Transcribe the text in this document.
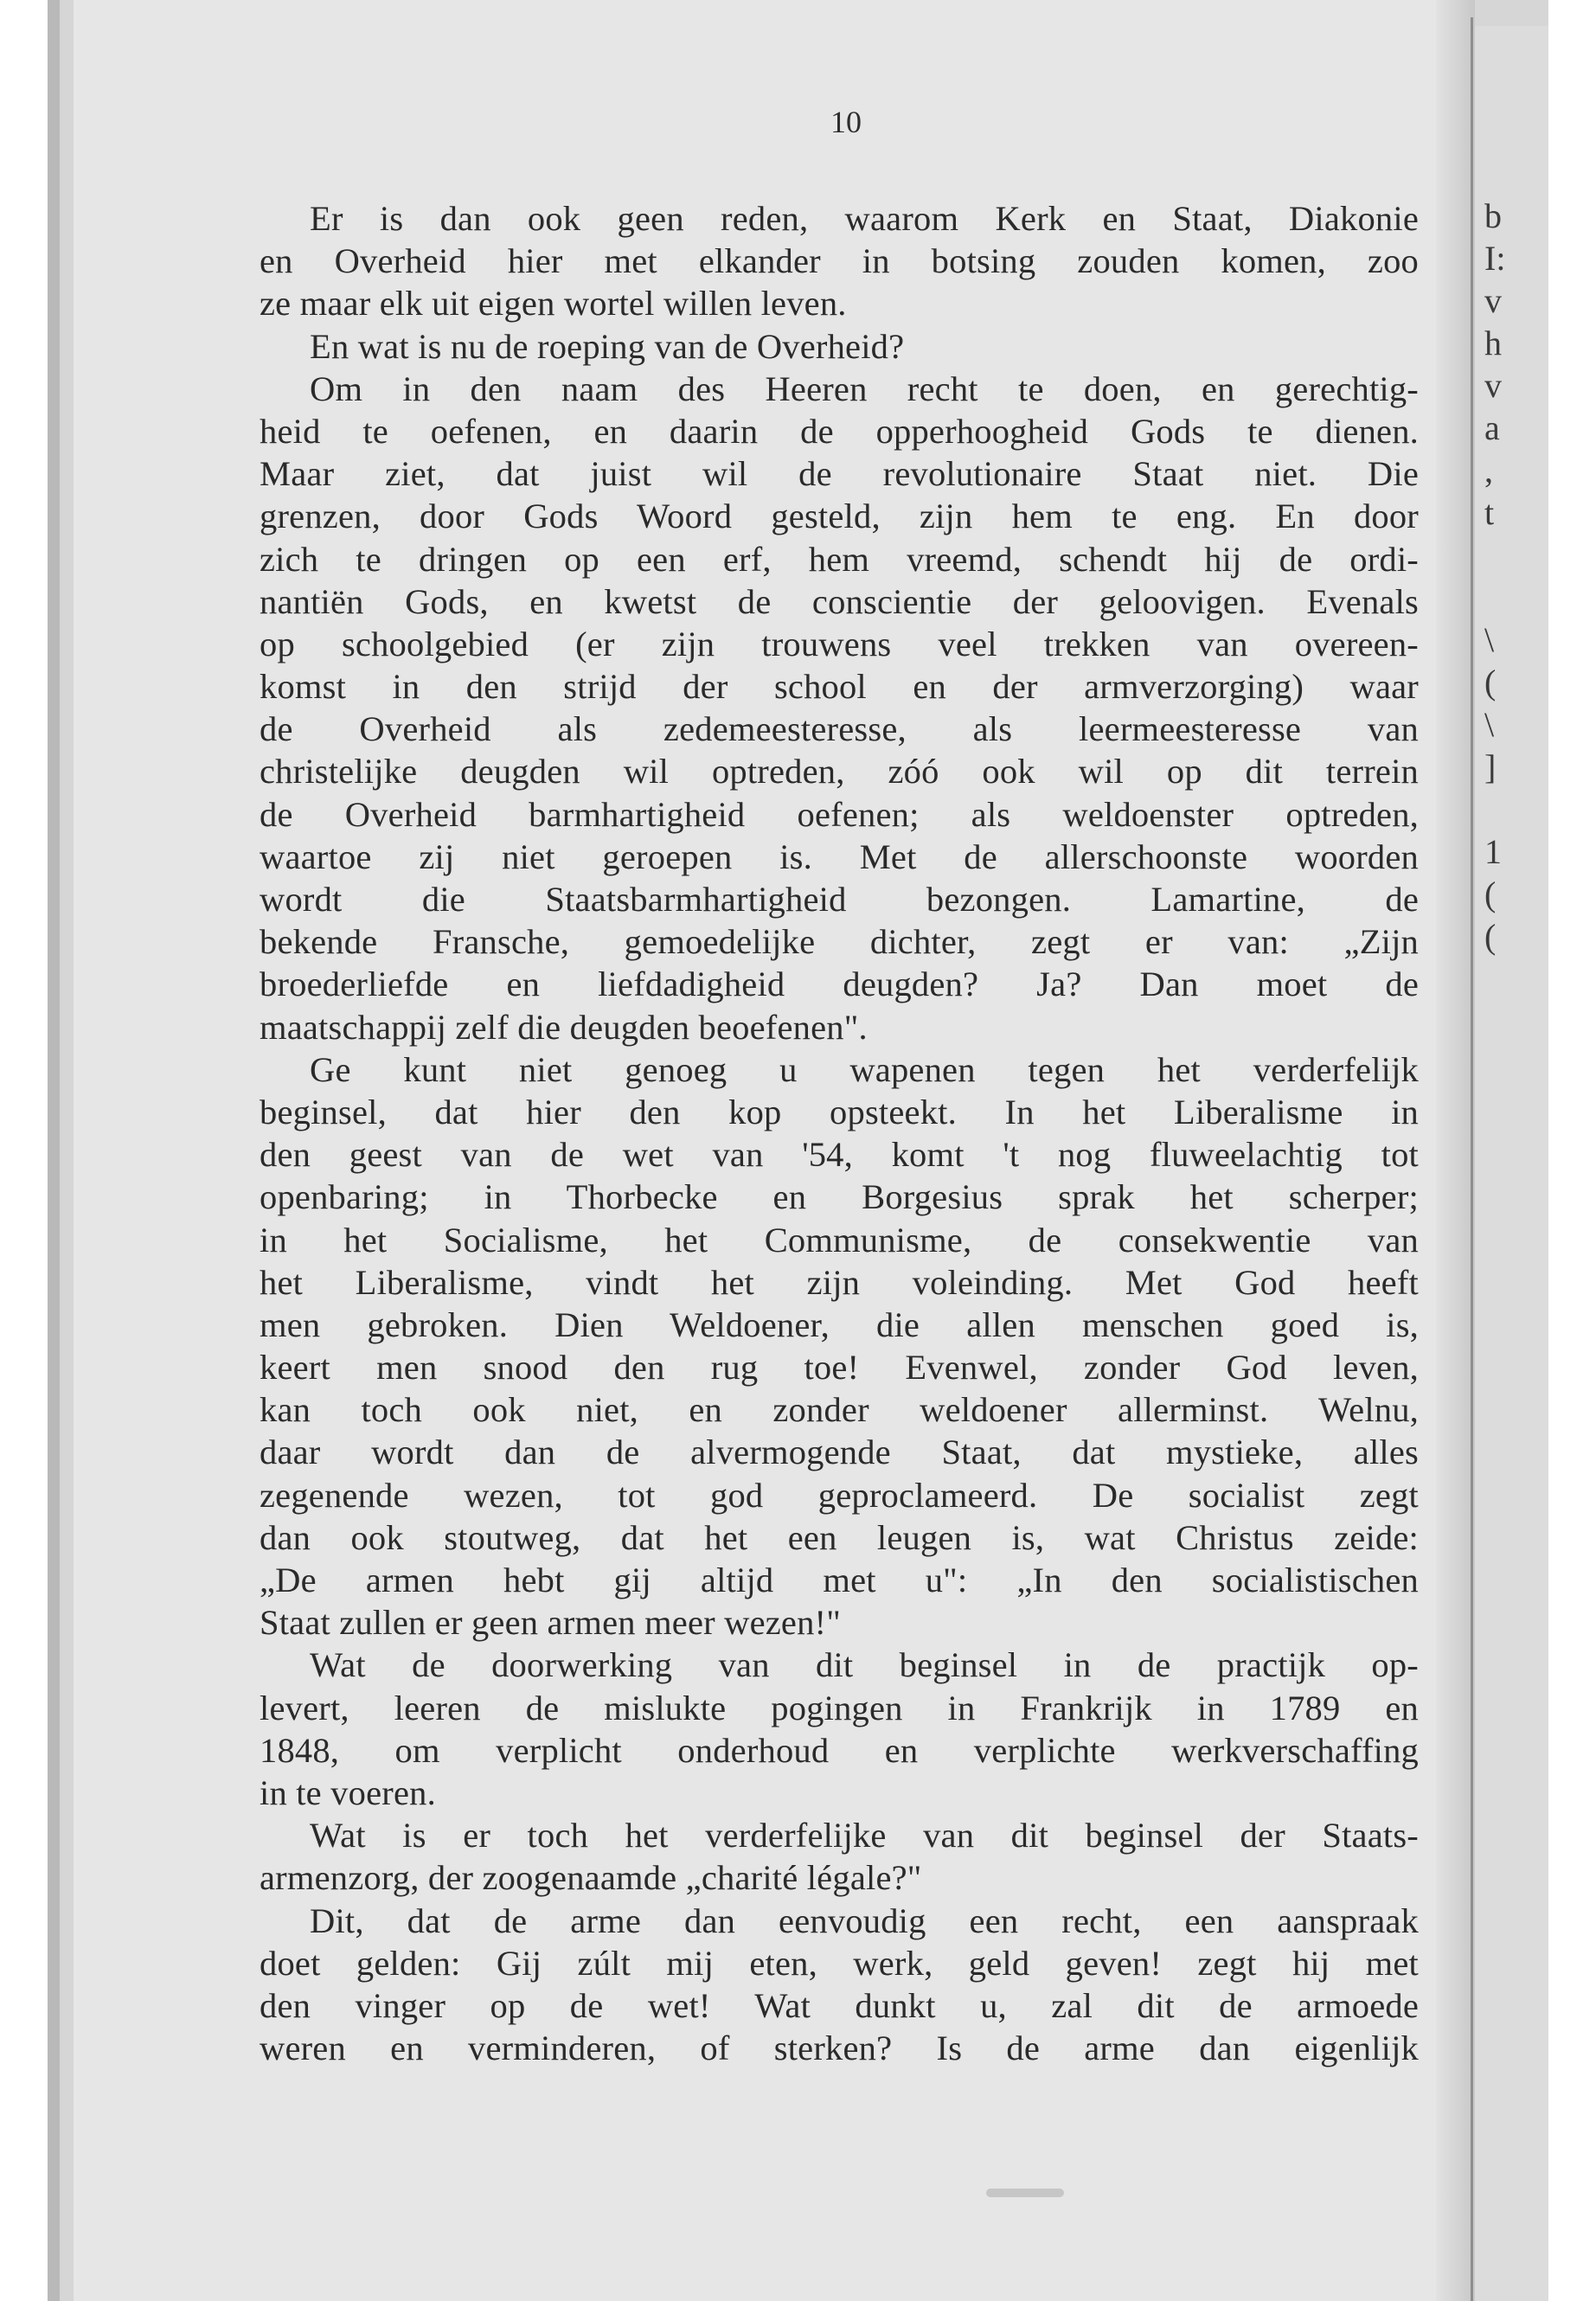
b
I:
v
h
v
a
,
t
\
(
\
]
1
(
(
10
Er is dan ook geen reden, waarom Kerk en Staat, Diakonie
en Overheid hier met elkander in botsing zouden komen, zoo
ze maar elk uit eigen wortel willen leven.
En wat is nu de roeping van de Overheid?
Om in den naam des Heeren recht te doen, en gerechtig-
heid te oefenen, en daarin de opperhoogheid Gods te dienen.
Maar ziet, dat juist wil de revolutionaire Staat niet. Die
grenzen, door Gods Woord gesteld, zijn hem te eng. En door
zich te dringen op een erf, hem vreemd, schendt hij de ordi-
nantiën Gods, en kwetst de conscientie der geloovigen. Evenals
op schoolgebied (er zijn trouwens veel trekken van overeen-
komst in den strijd der school en der armverzorging) waar
de Overheid als zedemeesteresse, als leermeesteresse van
christelijke deugden wil optreden, zóó ook wil op dit terrein
de Overheid barmhartigheid oefenen; als weldoenster optreden,
waartoe zij niet geroepen is. Met de allerschoonste woorden
wordt die Staatsbarmhartigheid bezongen. Lamartine, de
bekende Fransche, gemoedelijke dichter, zegt er van: „Zijn
broederliefde en liefdadigheid deugden? Ja? Dan moet de
maatschappij zelf die deugden beoefenen".
Ge kunt niet genoeg u wapenen tegen het verderfelijk
beginsel, dat hier den kop opsteekt. In het Liberalisme in
den geest van de wet van '54, komt 't nog fluweelachtig tot
openbaring; in Thorbecke en Borgesius sprak het scherper;
in het Socialisme, het Communisme, de consekwentie van
het Liberalisme, vindt het zijn voleinding. Met God heeft
men gebroken. Dien Weldoener, die allen menschen goed is,
keert men snood den rug toe! Evenwel, zonder God leven,
kan toch ook niet, en zonder weldoener allerminst. Welnu,
daar wordt dan de alvermogende Staat, dat mystieke, alles
zegenende wezen, tot god geproclameerd. De socialist zegt
dan ook stoutweg, dat het een leugen is, wat Christus zeide:
„De armen hebt gij altijd met u": „In den socialistischen
Staat zullen er geen armen meer wezen!"
Wat de doorwerking van dit beginsel in de practijk op-
levert, leeren de mislukte pogingen in Frankrijk in 1789 en
1848, om verplicht onderhoud en verplichte werkverschaffing
in te voeren.
Wat is er toch het verderfelijke van dit beginsel der Staats-
armenzorg, der zoogenaamde „charité légale?"
Dit, dat de arme dan eenvoudig een recht, een aanspraak
doet gelden: Gij zúlt mij eten, werk, geld geven! zegt hij met
den vinger op de wet! Wat dunkt u, zal dit de armoede
weren en verminderen, of sterken? Is de arme dan eigenlijk
